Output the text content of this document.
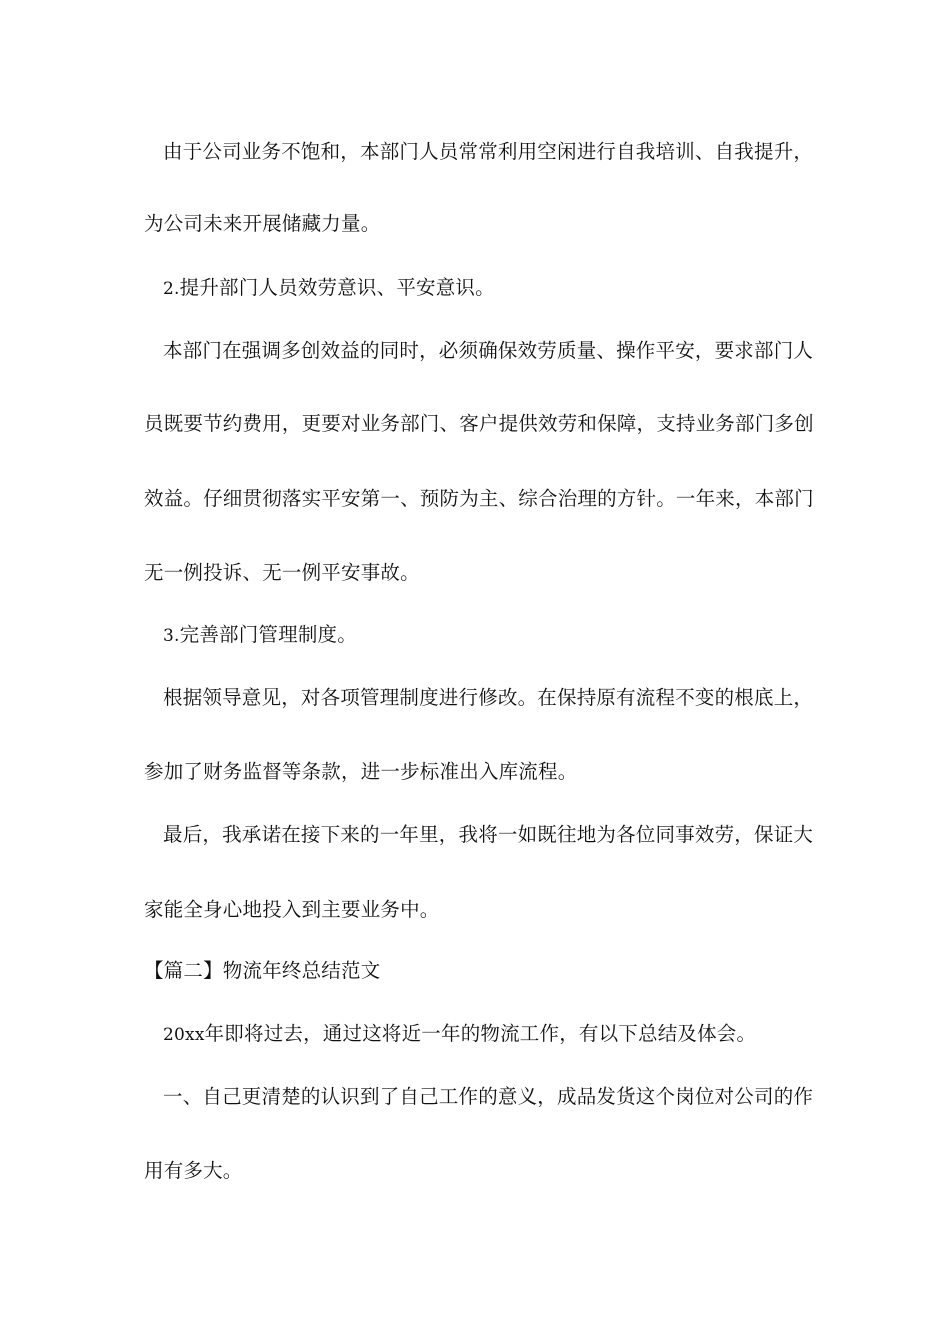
由于公司业务不饱和，本部门人员常常利用空闲进行自我培训、自我提升，
为公司未来开展储藏力量。
2.提升部门人员效劳意识、平安意识。
本部门在强调多创效益的同时，必须确保效劳质量、操作平安，要求部门人
员既要节约费用，更要对业务部门、客户提供效劳和保障，支持业务部门多创
效益。仔细贯彻落实平安第一、预防为主、综合治理的方针。一年来，本部门
无一例投诉、无一例平安事故。
3.完善部门管理制度。
根据领导意见，对各项管理制度进行修改。在保持原有流程不变的根底上，
参加了财务监督等条款，进一步标准出入库流程。
最后，我承诺在接下来的一年里，我将一如既往地为各位同事效劳，保证大
家能全身心地投入到主要业务中。
【篇二】物流年终总结范文
20xx年即将过去，通过这将近一年的物流工作，有以下总结及体会。
一、自己更清楚的认识到了自己工作的意义，成品发货这个岗位对公司的作
用有多大。
